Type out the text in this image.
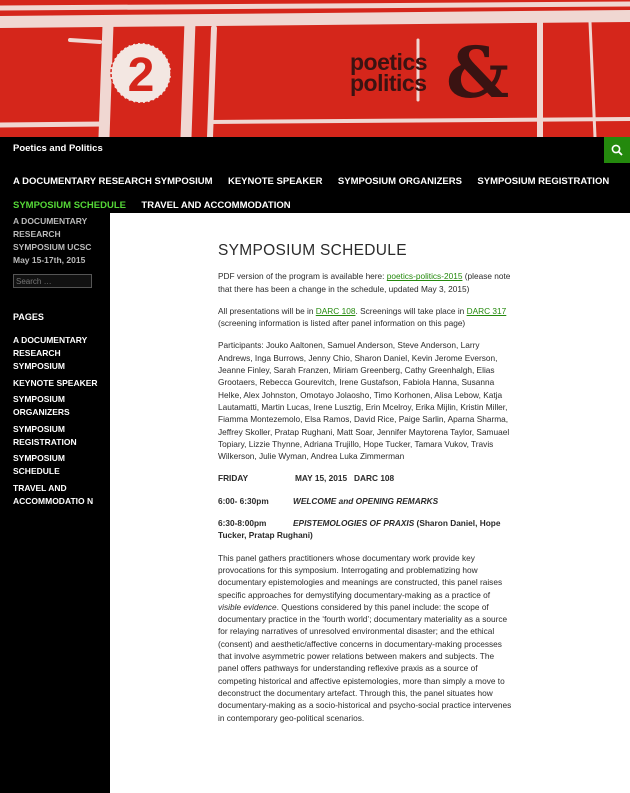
2	poetics
politics &
Poetics and Politics
A DOCUMENTARY RESEARCH SYMPOSIUM KEYNOTE SPEAKER SYMPOSIUM ORGANIZERS SYMPOSIUM REGISTRATION
SYMPOSIUM SCHEDULE TRAVEL AND ACCOMMODATION
A DOCUMENTARY RESEARCH SYMPOSIUM UCSC
May 15-17th, 2015
Search …
PAGES
A DOCUMENTARY RESEARCH SYMPOSIUM
KEYNOTE SPEAKER
SYMPOSIUM ORGANIZERS
SYMPOSIUM REGISTRATION
SYMPOSIUM SCHEDULE
TRAVEL AND ACCOMMODATIO N
SYMPOSIUM SCHEDULE

PDF version of the program is available here: poetics-politics-2015 (please note that there has been a change in the schedule, updated May 3, 2015)

All presentations will be in DARC 108. Screenings will take place in DARC 317 (screening information is listed after panel information on this page)

Participants: Jouko Aaltonen, Samuel Anderson, Steve Anderson, Larry Andrews, Inga Burrows, Jenny Chio, Sharon Daniel, Kevin Jerome Everson, Jeanne Finley, Sarah Franzen, Miriam Greenberg, Cathy Greenhalgh, Elias Grootaers, Rebecca Gourevitch, Irene Gustafson, Fabiola Hanna, Susanna Helke, Alex Johnston, Omotayo Jolaosho, Timo Korhonen, Alisa Lebow, Katja Lautamatti, Martin Lucas, Irene Lusztig, Erin Mcelroy, Erika Mijlin, Kristin Miller, Fiamma Montezemolo, Elsa Ramos, David Rice, Paige Sarlin, Aparna Sharma, Jeffrey Skoller, Pratap Rughani, Matt Soar, Jennifer Maytorena Taylor, Samuael Topiary, Lizzie Thynne, Adriana Trujillo, Hope Tucker, Tamara Vukov, Travis Wilkerson, Julie Wyman, Andrea Luka Zimmerman

FRIDAY	MAY 15, 2015   DARC 108

6:00- 6:30pm	WELCOME and OPENING REMARKS

6:30-8:00pm	EPISTEMOLOGIES OF PRAXIS (Sharon Daniel, Hope Tucker, Pratap Rughani)

This panel gathers practitioners whose documentary work provide key provocations for this symposium. Interrogating and problematizing how documentary epistemologies and meanings are constructed, this panel raises specific approaches for demystifying documentary-making as a practice of visible evidence. Questions considered by this panel include: the scope of documentary practice in the ‘fourth world’; documentary materiality as a source for relaying narratives of unresolved environmental disaster; and the ethical (consent) and aesthetic/affective concerns in documentary-making processes that involve asymmetric power relations between makers and subjects. The panel offers pathways for understanding reflexive praxis as a source of competing historical and affective epistemologies, more than simply a move to deconstruct the documentary artefact. Through this, the panel situates how documentary-making as a socio-historical and psycho-social practice intervenes in contemporary geo-political scenarios.
